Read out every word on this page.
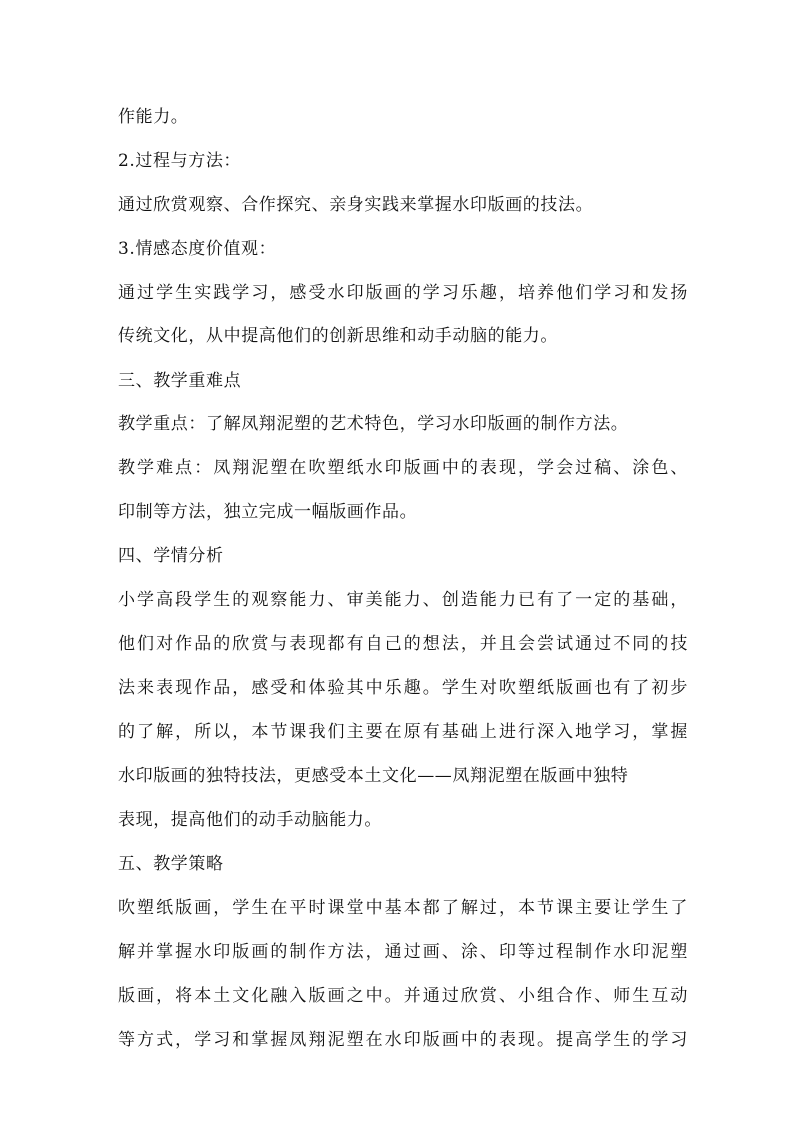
作能力。
2.过程与方法：
通过欣赏观察、合作探究、亲身实践来掌握水印版画的技法。
3.情感态度价值观：
通过学生实践学习，感受水印版画的学习乐趣，培养他们学习和发扬
传统文化，从中提高他们的创新思维和动手动脑的能力。
三、教学重难点
教学重点：了解凤翔泥塑的艺术特色，学习水印版画的制作方法。
教学难点：凤翔泥塑在吹塑纸水印版画中的表现，学会过稿、涂色、
印制等方法，独立完成一幅版画作品。
四、学情分析
小学高段学生的观察能力、审美能力、创造能力已有了一定的基础，
他们对作品的欣赏与表现都有自己的想法，并且会尝试通过不同的技
法来表现作品，感受和体验其中乐趣。学生对吹塑纸版画也有了初步
的了解，所以，本节课我们主要在原有基础上进行深入地学习，掌握
水印版画的独特技法，更感受本土文化——凤翔泥塑在版画中独特
表现，提高他们的动手动脑能力。
五、教学策略
吹塑纸版画，学生在平时课堂中基本都了解过，本节课主要让学生了
解并掌握水印版画的制作方法，通过画、涂、印等过程制作水印泥塑
版画，将本土文化融入版画之中。并通过欣赏、小组合作、师生互动
等方式，学习和掌握凤翔泥塑在水印版画中的表现。提高学生的学习
